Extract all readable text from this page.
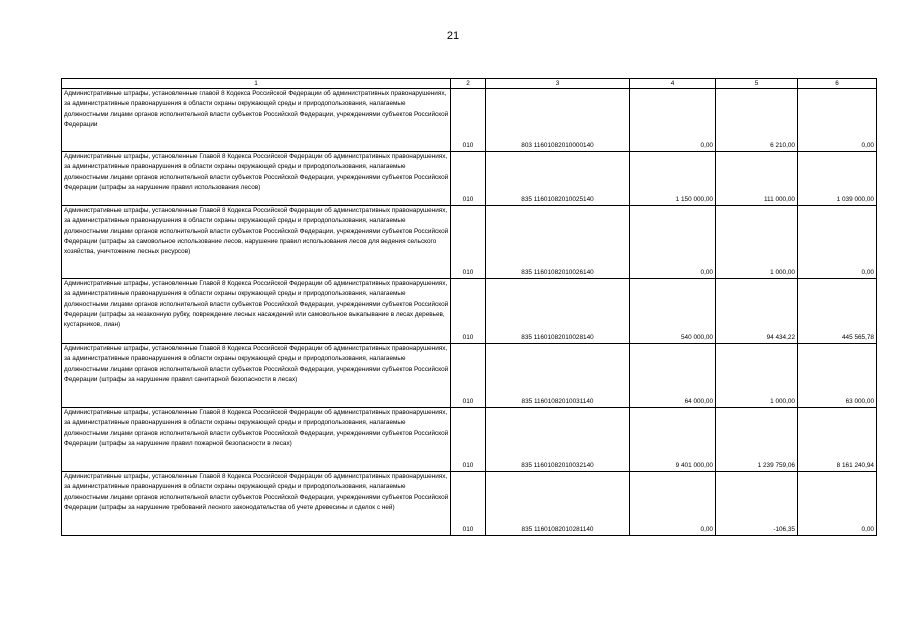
21
1	2	3	4	5	6
Административные штрафы, установленные главой 8 Кодекса Российской Федерации об административных правонарушениях, за административные правонарушения в области охраны окружающей среды и природопользования, налагаемые должностными лицами органов исполнительной власти субъектов Российской Федерации, учреждениями субъектов Российской Федерации	010	803 11601082010000140	0,00	6 210,00	0,00
Административные штрафы, установленные Главой 8 Кодекса Российской Федерации об административных правонарушениях, за административные правонарушения в области охраны окружающей среды и природопользования, налагаемые должностными лицами органов исполнительной власти субъектов Российской Федерации, учреждениями субъектов Российской Федерации (штрафы за нарушение правил использования лесов)	010	835 11601082010025140	1 150 000,00	111 000,00	1 039 000,00
Административные штрафы, установленные Главой 8 Кодекса Российской Федерации об административных правонарушениях, за административные правонарушения в области охраны окружающей среды и природопользования, налагаемые должностными лицами органов исполнительной власти субъектов Российской Федерации, учреждениями субъектов Российской Федерации (штрафы за самовольное использование лесов, нарушение правил использования лесов для ведения сельского хозяйства, уничтожение лесных ресурсов)	010	835 11601082010026140	0,00	1 000,00	0,00
Административные штрафы, установленные Главой 8 Кодекса Российской Федерации об административных правонарушениях, за административные правонарушения в области охраны окружающей среды и природопользования, налагаемые должностными лицами органов исполнительной власти субъектов Российской Федерации, учреждениями субъектов Российской Федерации (штрафы за незаконную рубку, повреждение лесных насаждений или самовольное выкапывание в лесах деревьев, кустарников, лиан)	010	835 11601082010028140	540 000,00	94 434,22	445 565,78
Административные штрафы, установленные Главой 8 Кодекса Российской Федерации об административных правонарушениях, за административные правонарушения в области охраны окружающей среды и природопользования, налагаемые должностными лицами органов исполнительной власти субъектов Российской Федерации, учреждениями субъектов Российской Федерации (штрафы за нарушение правил санитарной безопасности в лесах)	010	835 11601082010031140	64 000,00	1 000,00	63 000,00
Административные штрафы, установленные Главой 8 Кодекса Российской Федерации об административных правонарушениях, за административные правонарушения в области охраны окружающей среды и природопользования, налагаемые должностными лицами органов исполнительной власти субъектов Российской Федерации, учреждениями субъектов Российской Федерации (штрафы за нарушение правил пожарной безопасности в лесах)	010	835 11601082010032140	9 401 000,00	1 239 759,06	8 161 240,94
Административные штрафы, установленные Главой 8 Кодекса Российской Федерации об административных правонарушениях, за административные правонарушения в области охраны окружающей среды и природопользования, налагаемые должностными лицами органов исполнительной власти субъектов Российской Федерации, учреждениями субъектов Российской Федерации (штрафы за нарушение требований лесного законодательства об учете древесины и сделок с ней)	010	835 11601082010281140	0,00	-106,35	0,00
